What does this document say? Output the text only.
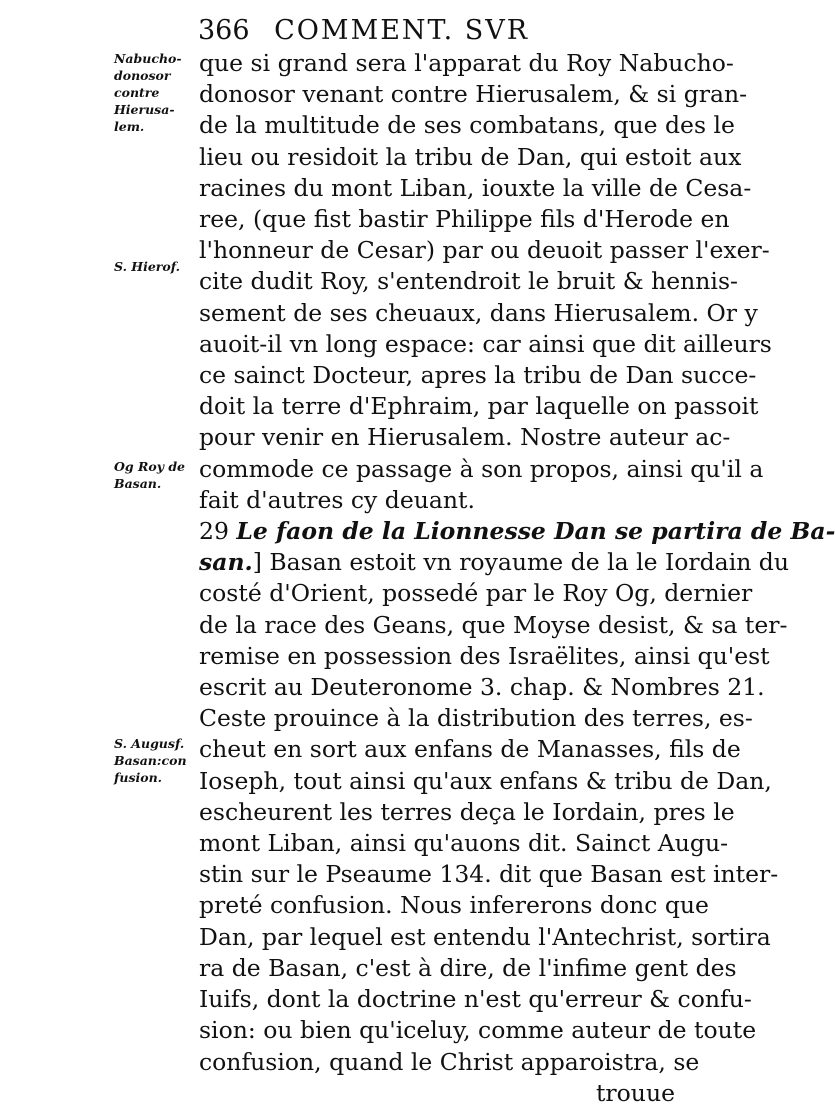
366 COMMENT. SVR
Nabucho-
donosor
contre
Hierusa-
lem.
S. Hierof.
Og Roy de
Basan.
S. Augusf.
Basan:con
fusion.
que si grand sera l'apparat du Roy Nabucho-
donosor venant contre Hierusalem, & si gran-
de la multitude de ses combatans, que des le
lieu ou residoit la tribu de Dan, qui estoit aux
racines du mont Liban, iouxte la ville de Cesa-
ree, (que fist bastir Philippe fils d'Herode en
l'honneur de Cesar) par ou deuoit passer l'exer-
cite dudit Roy, s'entendroit le bruit & hennis-
sement de ses cheuaux, dans Hierusalem. Or y
auoit-il vn long espace: car ainsi que dit ailleurs
ce sainct Docteur, apres la tribu de Dan succe-
doit la terre d'Ephraim, par laquelle on passoit
pour venir en Hierusalem. Nostre auteur ac-
commode ce passage à son propos, ainsi qu'il a
fait d'autres cy deuant.
29 Le faon de la Lionnesse Dan se partira de Ba-
san.] Basan estoit vn royaume de la le Iordain du
costé d'Orient, possedé par le Roy Og, dernier
de la race des Geans, que Moyse desist, & sa ter-
remise en possession des Israëlites, ainsi qu'est
escrit au Deuteronome 3. chap. & Nombres 21.
Ceste prouince à la distribution des terres, es-
cheut en sort aux enfans de Manasses, fils de
Ioseph, tout ainsi qu'aux enfans & tribu de Dan,
escheurent les terres deça le Iordain, pres le
mont Liban, ainsi qu'auons dit. Sainct Augu-
stin sur le Pseaume 134. dit que Basan est inter-
preté confusion. Nous infererons donc que
Dan, par lequel est entendu l'Antechrist, sortira
ra de Basan, c'est à dire, de l'infime gent des
Iuifs, dont la doctrine n'est qu'erreur & confu-
sion: ou bien qu'iceluy, comme auteur de toute
confusion, quand le Christ apparoistra, se
trouue
